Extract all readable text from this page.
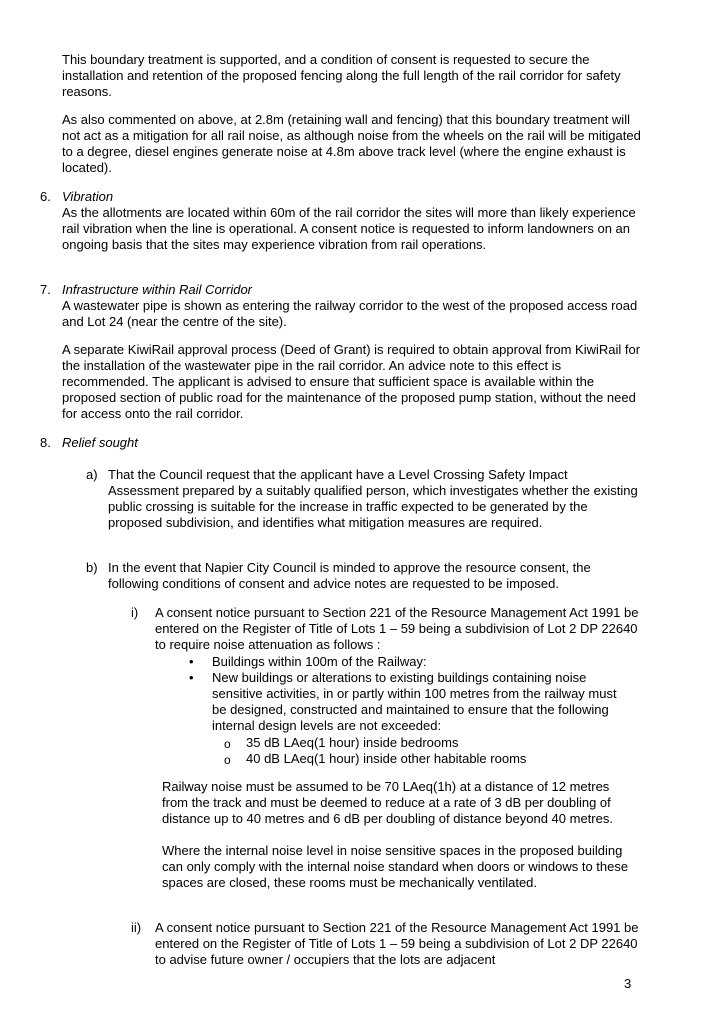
This boundary treatment is supported, and a condition of consent is requested to secure the installation and retention of the proposed fencing along the full length of the rail corridor for safety reasons.

As also commented on above, at 2.8m (retaining wall and fencing) that this boundary treatment will not act as a mitigation for all rail noise, as although noise from the wheels on the rail will be mitigated to a degree, diesel engines generate noise at 4.8m above track level (where the engine exhaust is located).

6. Vibration

As the allotments are located within 60m of the rail corridor the sites will more than likely experience rail vibration when the line is operational. A consent notice is requested to inform landowners on an ongoing basis that the sites may experience vibration from rail operations.

7. Infrastructure within Rail Corridor

A wastewater pipe is shown as entering the railway corridor to the west of the proposed access road and Lot 24 (near the centre of the site).

A separate KiwiRail approval process (Deed of Grant) is required to obtain approval from KiwiRail for the installation of the wastewater pipe in the rail corridor. An advice note to this effect is recommended. The applicant is advised to ensure that sufficient space is available within the proposed section of public road for the maintenance of the proposed pump station, without the need for access onto the rail corridor.

8. Relief sought

a) That the Council request that the applicant have a Level Crossing Safety Impact Assessment prepared by a suitably qualified person, which investigates whether the existing public crossing is suitable for the increase in traffic expected to be generated by the proposed subdivision, and identifies what mitigation measures are required.

b) In the event that Napier City Council is minded to approve the resource consent, the following conditions of consent and advice notes are requested to be imposed.

i) A consent notice pursuant to Section 221 of the Resource Management Act 1991 be entered on the Register of Title of Lots 1 – 59 being a subdivision of Lot 2 DP 22640 to require noise attenuation as follows :

• Buildings within 100m of the Railway:

• New buildings or alterations to existing buildings containing noise sensitive activities, in or partly within 100 metres from the railway must be designed, constructed and maintained to ensure that the following internal design levels are not exceeded:

o 35 dB LAeq(1 hour) inside bedrooms

o 40 dB LAeq(1 hour) inside other habitable rooms

Railway noise must be assumed to be 70 LAeq(1h) at a distance of 12 metres from the track and must be deemed to reduce at a rate of 3 dB per doubling of distance up to 40 metres and 6 dB per doubling of distance beyond 40 metres.

Where the internal noise level in noise sensitive spaces in the proposed building can only comply with the internal noise standard when doors or windows to these spaces are closed, these rooms must be mechanically ventilated.

ii) A consent notice pursuant to Section 221 of the Resource Management Act 1991 be entered on the Register of Title of Lots 1 – 59 being a subdivision of Lot 2 DP 22640 to advise future owner / occupiers that the lots are adjacent

3
